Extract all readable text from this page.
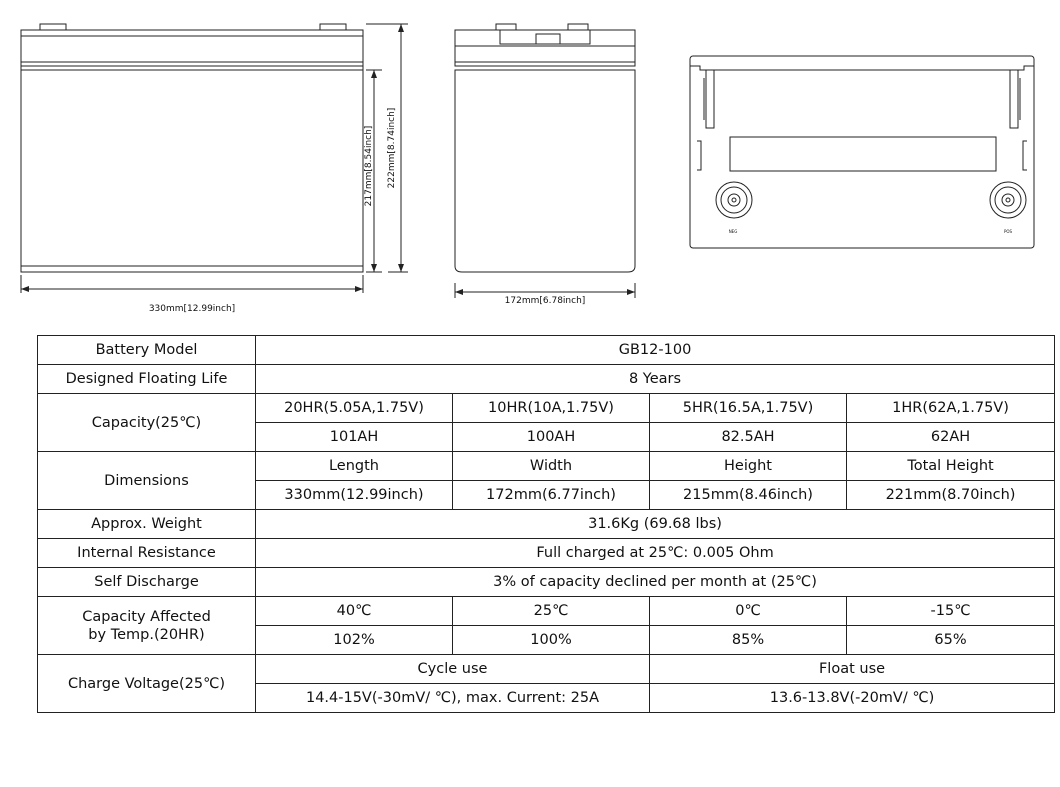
217mm[8.54inch] 222mm[8.74inch]
330mm[12.99inch]
172mm[6.78inch]
NEG	POS
Battery Model	GB12-100			
Designed Floating Life	8 Years			
Capacity(25℃)	20HR(5.05A,1.75V)	10HR(10A,1.75V)	5HR(16.5A,1.75V)	1HR(62A,1.75V)
	101AH	100AH	82.5AH	62AH
Dimensions	Length	Width	Height	Total Height
	330mm(12.99inch)	172mm(6.77inch)	215mm(8.46inch)	221mm(8.70inch)
Approx. Weight	31.6Kg (69.68 lbs)			
Internal Resistance	Full charged at 25℃: 0.005 Ohm			
Self Discharge	3% of capacity declined per month at (25℃)			

Capacity Affected
by Temp.(20HR)	40℃	25℃	0℃	-15℃
	102%	100%	85%	65%
Charge Voltage(25℃)	Cycle use		Float use	
	14.4-15V(-30mV/ ℃), max. Current: 25A		13.6-13.8V(-20mV/ ℃)	
